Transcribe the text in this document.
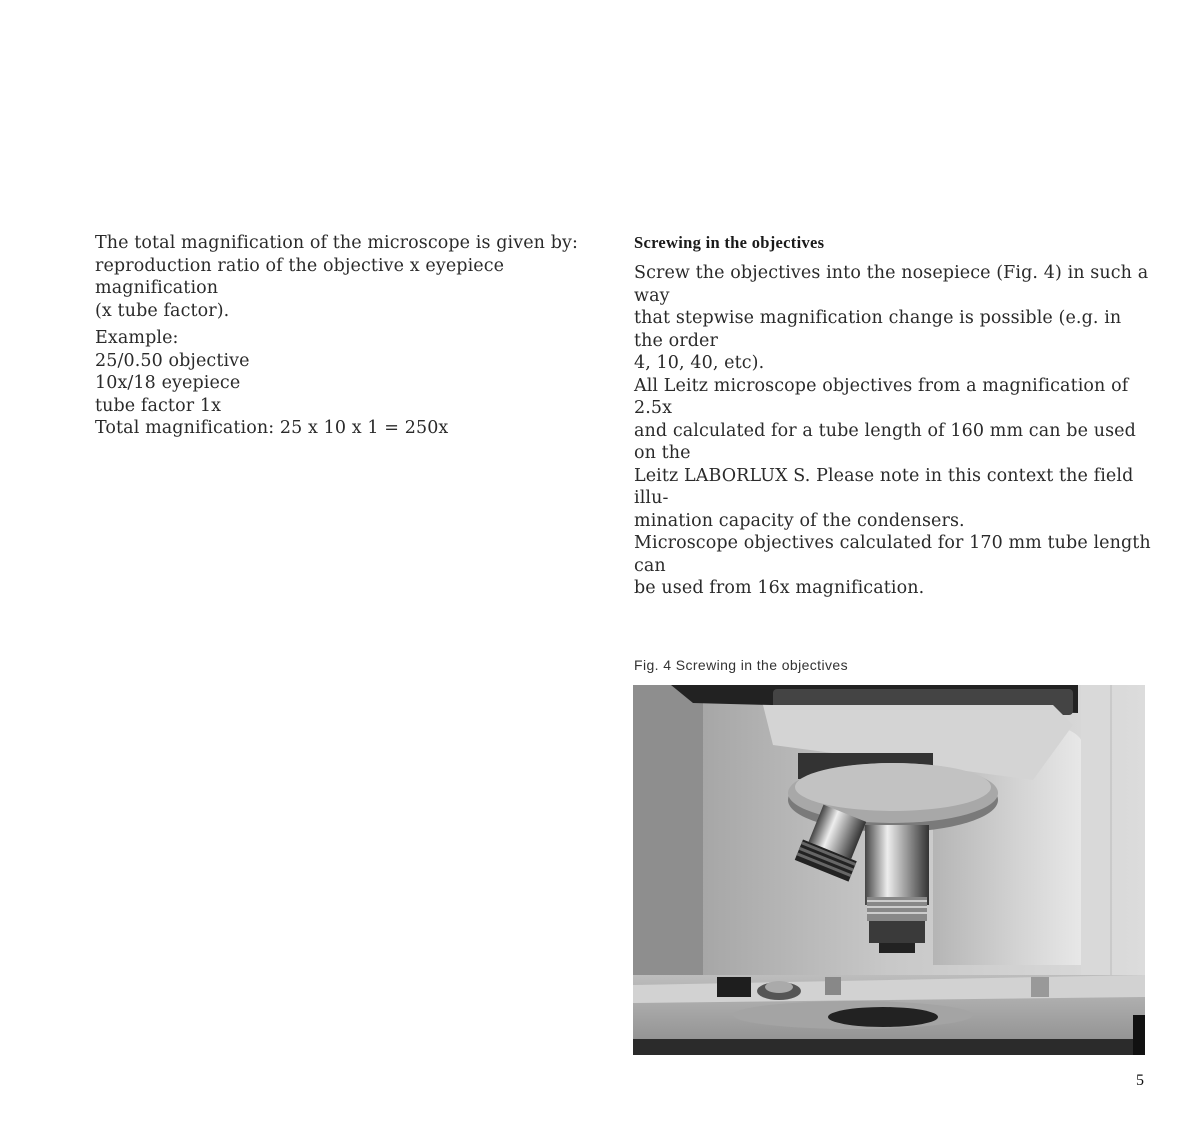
The total magnification of the microscope is given by:

reproduction ratio of the objective x eyepiece magnification

(x tube factor).

Example:

25/0.50 objective

10x/18 eyepiece

tube factor 1x

Total magnification: 25 x 10 x 1 = 250x

Screwing in the objectives

Screw the objectives into the nosepiece (Fig. 4) in such a way

that stepwise magnification change is possible (e.g. in the order

4, 10, 40, etc).

All Leitz microscope objectives from a magnification of 2.5x

and calculated for a tube length of 160 mm can be used on the

Leitz LABORLUX S. Please note in this context the field illu-

mination capacity of the condensers.

Microscope objectives calculated for 170 mm tube length can

be used from 16x magnification.

Fig. 4 Screwing in the objectives
5
